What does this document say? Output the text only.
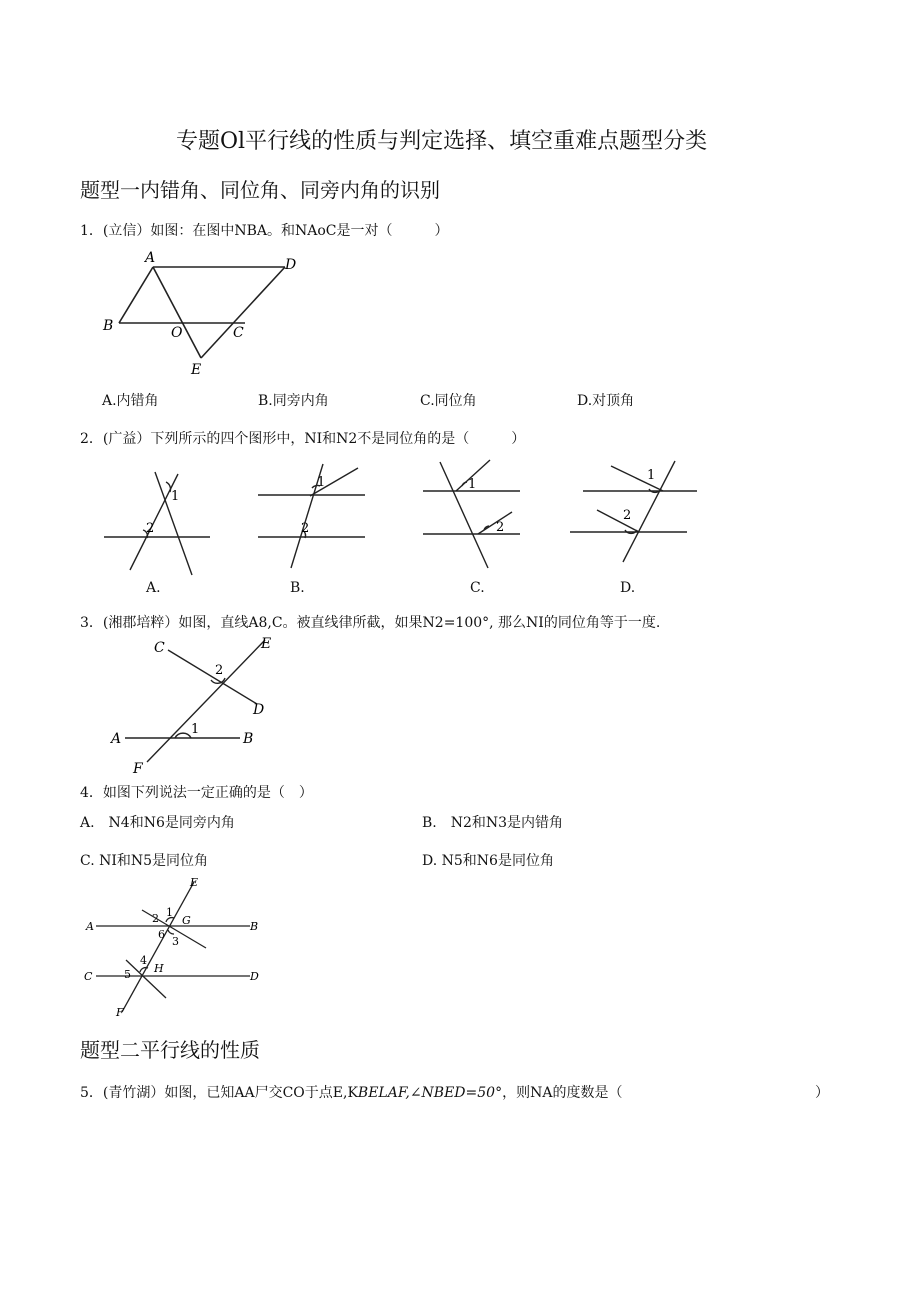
专题Ol平行线的性质与判定选择、填空重难点题型分类
题型一内错角、同位角、同旁内角的识别
1．(立信）如图：在图中NBA。和NAoC是一对（　　　）
A	D
B	O	C
E
A.内错角	B.同旁内角	C.同位角	D.对顶角
2．(广益）下列所示的四个图形中，NI和N2不是同位角的是（　　　）
1
2
A.
1
2
B.
1
2
C.
1
2
D.
3．(湘郡培粹）如图，直线A8,C。被直线律所截，如果N2=100°, 那么NI的同位角等于一度.
C	E
D
A	B
F
1
2
4．如图下列说法一定正确的是（　）
A.　N4和N6是同旁内角	B.　N2和N3是内错角
C. NI和N5是同位角	D. N5和N6是同位角
E
A	B
C	D
F
G
H
1
2
3
4
5
6
题型二平行线的性质
5．(青竹湖）如图，已知AA尸交CO于点E,KBELAF,∠NBED=50°，则NA的度数是（	）
